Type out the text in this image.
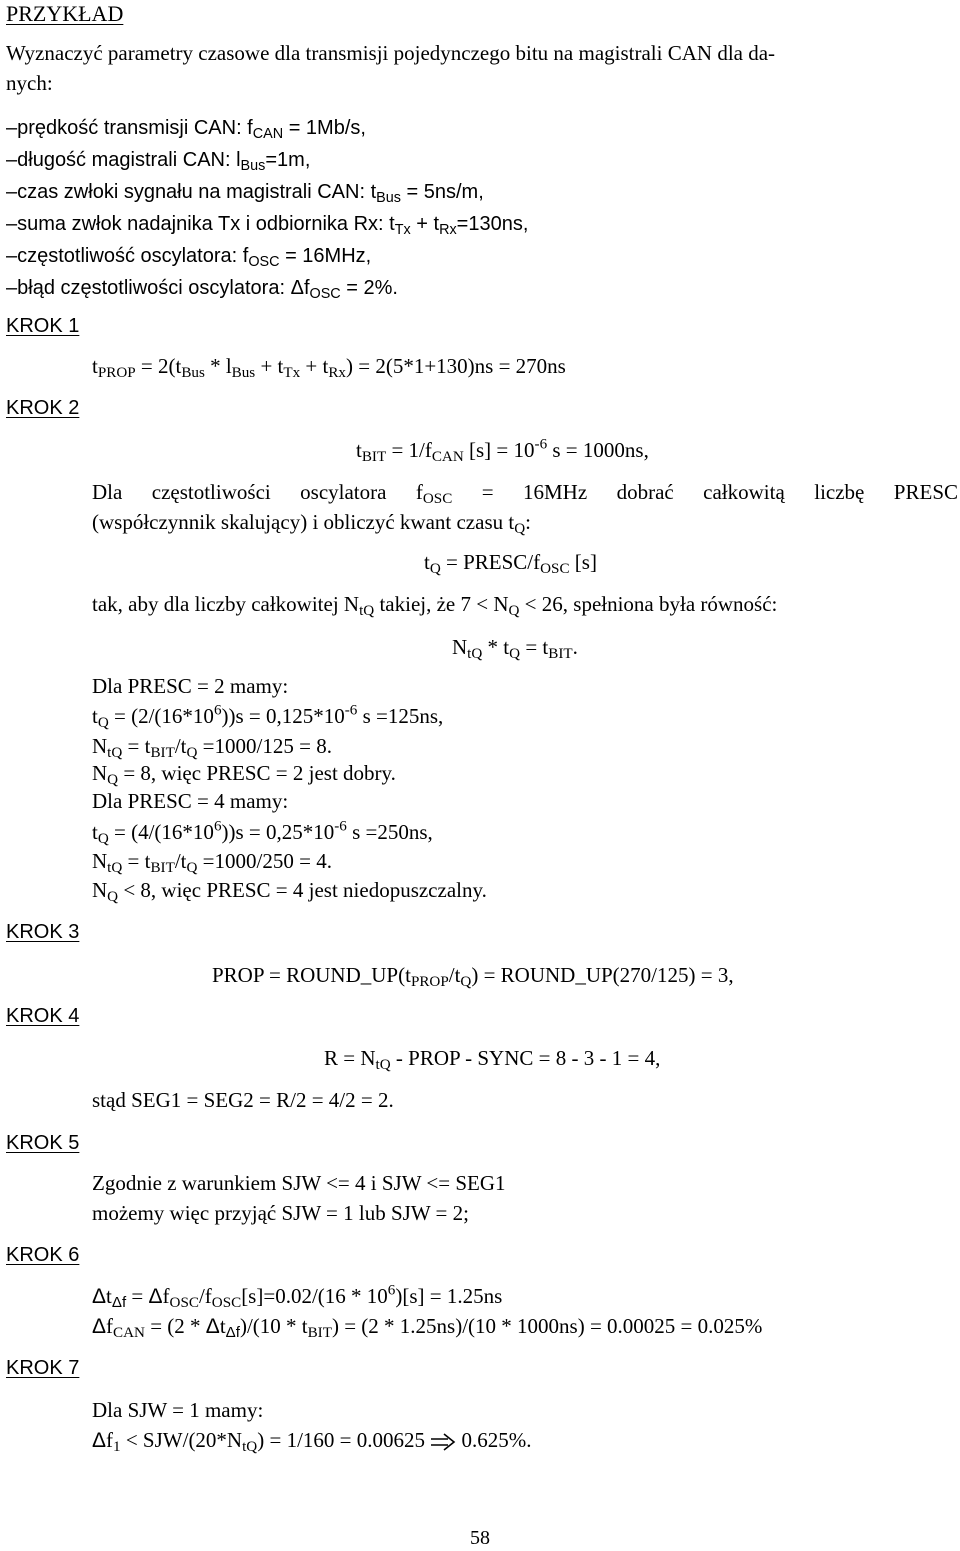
PRZYKŁAD
Wyznaczyć parametry czasowe dla transmisji pojedynczego bitu na magistrali CAN dla da-
nych:
–prędkość transmisji CAN: $f_{CAN} = 1Mb/s$,
–długość magistrali CAN: $l_{Bus}=1m$,
–czas zwłoki sygnału na magistrali CAN: $t_{Bus} = 5ns/m$,
–suma zwłok nadajnika Tx i odbiornika Rx: $t_{Tx} + t_{Rx}=130ns$,
–częstotliwość oscylatora: $f_{OSC} = 16MHz$,
–błąd częstotliwości oscylatora: $\Delta f_{OSC} = 2\%$.
KROK 1
KROK 2
KROK 3
KROK 4
KROK 5
KROK 6
KROK 7
$t_{PROP} = 2(t_{Bus} * l_{Bus} + t_{Tx} + t_{Rx}) = 2(5*1+130)ns = 270ns$
$t_{BIT} = 1/f_{CAN}$ $[s] = 10^{-6}$ s = 1000ns,
Dla częstotliwości oscylatora $f_{OSC} = 16MHz$ dobrać całkowitą liczbę PRESC
(współczynnik skalujący) i obliczyć kwant czasu $t_Q$:
$t_Q$ = PRESC/$f_{OSC}$ [s]
tak, aby dla liczby całkowitej $N_{tQ}$ takiej, że $7 < N_Q < 26$, spełniona była równość:
$N_{tQ} * t_Q = t_{BIT}$.
Dla PRESC = 2 mamy:
$t_Q = (2/(16*10^6))s = 0,125*10^{-6}$ s =125ns,
$N_{tQ} = t_{BIT}/t_Q =1000/125 = 8$.
$N_Q = 8$, więc PRESC = 2 jest dobry.
Dla PRESC = 4 mamy:
$t_Q = (4/(16*10^6))s = 0,25*10^{-6}$ s =250ns,
$N_{tQ} = t_{BIT}/t_Q =1000/250 = 4$.
$N_Q < 8$, więc PRESC = 4 jest niedopuszczalny.
PROP = $ROUND\_UP(t_{PROP}/t_Q)$ = ROUND_UP(270/125) = 3,
$R = N_{tQ}$ - PROP - SYNC = 8 - 3 - 1 = 4,
stąd SEG1 = SEG2 = R/2 = 4/2 = 2.
Zgodnie z warunkiem SJW <= 4 i SJW <= SEG1
możemy więc przyjąć SJW = 1 lub SJW = 2;
$\Delta t_{\Delta f} = \Delta f_{OSC}/f_{OSC}[s]=0.02/(16 * 10^6)[s] = 1.25ns$
$\Delta f_{CAN} = (2 * \Delta t_{\Delta f})/(10 * t_{BIT}) = (2 * 1.25ns)/(10 * 1000ns) = 0.00025 = 0.025\%$
Dla SJW = 1 mamy:
$\Delta f_1 < SJW/(20*N_{tQ}) = 1/160 = 0.00625$  0.625%.
58
